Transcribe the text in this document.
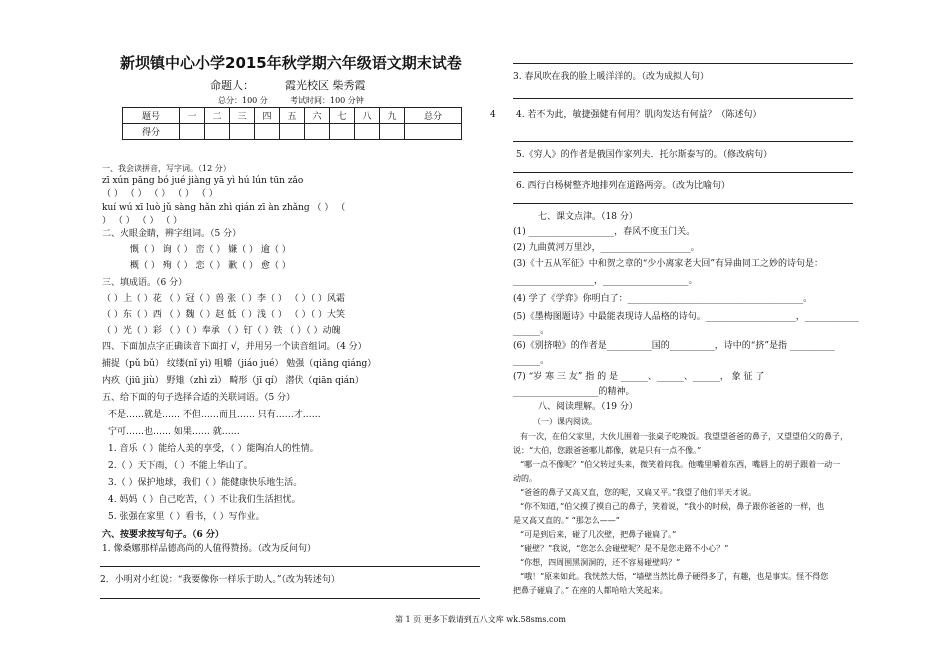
新坝镇中心小学2015年秋学期六年级语文期末试卷
命题人：	霞光校区 柴秀霞
总分：100 分	考试时间：100 分钟
题号	一	二	三	四	五	六	七	八	九	总分
得分										
一、我会读拼音，写字词。（12 分）
zī xún pāng bó jué jiàng yā yì hú lún tūn zǎo
（ ） （ ） （ ） （ ） （ ）
kuí wú xī luò jǔ sàng hǎn zhì qián zī àn zhǎng （ ） （
） （ ） （ ） （ ）
二、火眼金睛，辨字组词。（5 分）
慨（ ） 询（ ） 峦（ ） 嫌（ ） 逾（ ）
概（ ） 殉（ ） 恋（ ） 歉（ ） 愈（ ）
三、填成语。（6 分）
（ ）上（ ）花 （ ）冠（ ）兽 张（ ）李（ ） （ ）（ ）风霜
（ ）东（ ）西 （ ）魏（ ）赵 低（ ）浅（ ） （ ）（ ）大笑
（ ）光（ ）彩 （ ）（ ）奉承 （ ）钉（ ）铁 （ ）（ ）动魄
四、下面加点字正确读音下面打 √，并用另一个读音组词。（4 分）
捕捉（pǔ bǔ） 纹缕(nǐ yì) 咀嚼（jiáo jué） 勉强（qiǎng qiáng）
内疚（jiū jiù） 野雉（zhì zì） 畸形（jī qí） 潜伏（qiān qián）
五、给下面的句子选择合适的关联词语。（5 分）
不是……就是…… 不但……而且…… 只有……才……
宁可……也…… 如果…… 就……
1. 音乐（ ）能给人美的享受，（ ）能陶冶人的性情。
2.（ ）天下雨，（ ）不能上华山了。
3.（ ）保护地球，我们（ ）能健康快乐地生活。
4. 妈妈（ ）自己吃苦，（ ）不让我们生活担忧。
5. 张强在家里（ ）看书，（ ）写作业。
六、按要求按写句子。（6 分）
1. 像桑娜那样品德高尚的人值得赞扬。（改为反问句）
2．小明对小红说：“我要像你一样乐于助人。”（改为转述句）
3. 春风吹在我的脸上暖洋洋的。（改为成拟人句）
4 4. 若不为此，敏捷强健有何用？肌肉发达有何益？（陈述句）
5.《穷人》的作者是俄国作家列夫．托尔斯泰写的。（修改病句）
6. 西行白杨树整齐地排列在道路两旁。（改为比喻句）
七、课文点津。（18 分）
(1) ___________________，春风不度玉门关。
(2) 九曲黄河万里沙，____________________。
(3)《十五从军征》中和贺之章的“少小离家老大回”有异曲同工之妙的诗句是：
__________________，___________________。
(4) 学了《学弈》你明白了：_______________________________________。
(5)《墨梅图题诗》中最能表现诗人品格的诗句。____________________，____________
______。
(6)《别挤啦》的作者是__________国的__________，诗中的“挤”是指 __________
______。
(7) “岁 寒 三 友” 指 的 是 ______、______、______， 象 征 了
___________________的精神。
八、阅读理解。（19 分）
（一）课内阅读。
有一次，在伯父家里，大伙儿围着一张桌子吃晚饭。我望望爸爸的鼻子，又望望伯父的鼻子，
说：“大伯，您跟爸爸哪儿都像，就是只有一点不像。”
“哪一点不像呢？”伯父转过头来，微笑着问我。他嘴里嚼着东西，嘴唇上的胡子跟着一动一
动的。
“爸爸的鼻子又高又直，您的呢，又扁又平。”我望了他们半天才说。
“你不知道，”伯父摸了摸自己的鼻子，笑着说，“我小的时候，鼻子跟你爸爸的一样，也
是又高又直的。” “那怎么——”
“可是到后来，碰了几次壁，把鼻子碰扁了。”
“碰壁？”我说，“您怎么会碰壁呢？是不是您走路不小心？”
“你想，四周围黑洞洞的，还不容易碰壁吗？”
“哦！”原来如此。我恍然大悟，“墙壁当然比鼻子硬得多了，有趣，也是事实。怪不得您
把鼻子碰扁了。” 在座的人都哈哈大笑起来。
第 1 页 更多下载请到五八文库 wk.58sms.com
